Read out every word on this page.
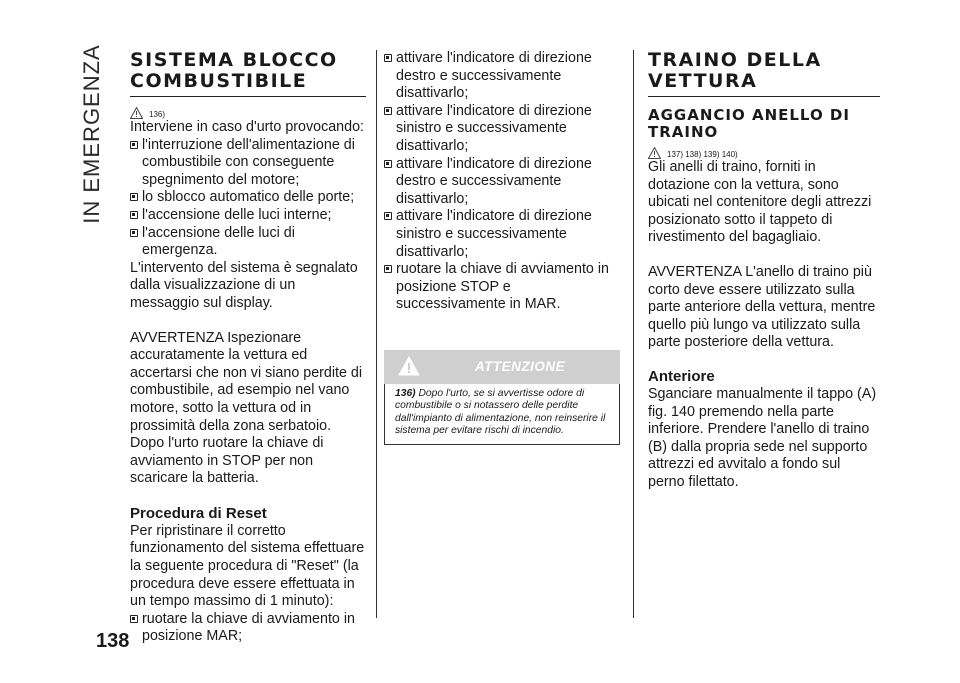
IN EMERGENZA
138
SISTEMA BLOCCO COMBUSTIBILE
136)

Interviene in caso d'urto provocando:

l'interruzione dell'alimentazione di combustibile con conseguente spegnimento del motore;

lo sblocco automatico delle porte;

l'accensione delle luci interne;

l'accensione delle luci di emergenza.

L'intervento del sistema è segnalato dalla visualizzazione di un messaggio sul display.

AVVERTENZA Ispezionare accuratamente la vettura ed accertarsi che non vi siano perdite di combustibile, ad esempio nel vano motore, sotto la vettura od in prossimità della zona serbatoio. Dopo l'urto ruotare la chiave di avviamento in STOP per non scaricare la batteria.

Procedura di Reset

Per ripristinare il corretto funzionamento del sistema effettuare la seguente procedura di "Reset" (la procedura deve essere effettuata in un tempo massimo di 1 minuto):

ruotare la chiave di avviamento in posizione MAR;

attivare l'indicatore di direzione destro e successivamente disattivarlo;

attivare l'indicatore di direzione sinistro e successivamente disattivarlo;

attivare l'indicatore di direzione destro e successivamente disattivarlo;

attivare l'indicatore di direzione sinistro e successivamente disattivarlo;

ruotare la chiave di avviamento in posizione STOP e successivamente in MAR.

ATTENZIONE
136) Dopo l'urto, se si avvertisse odore di combustibile o si notassero delle perdite dall'impianto di alimentazione, non reinserire il sistema per evitare rischi di incendio.
TRAINO DELLA VETTURA
AGGANCIO ANELLO DI TRAINO
137) 138) 139) 140)

Gli anelli di traino, forniti in dotazione con la vettura, sono ubicati nel contenitore degli attrezzi posizionato sotto il tappeto di rivestimento del bagagliaio.

AVVERTENZA L'anello di traino più corto deve essere utilizzato sulla parte anteriore della vettura, mentre quello più lungo va utilizzato sulla parte posteriore della vettura.

Anteriore

Sganciare manualmente il tappo (A) fig. 140 premendo nella parte inferiore. Prendere l'anello di traino (B) dalla propria sede nel supporto attrezzi ed avvitalo a fondo sul perno filettato.
